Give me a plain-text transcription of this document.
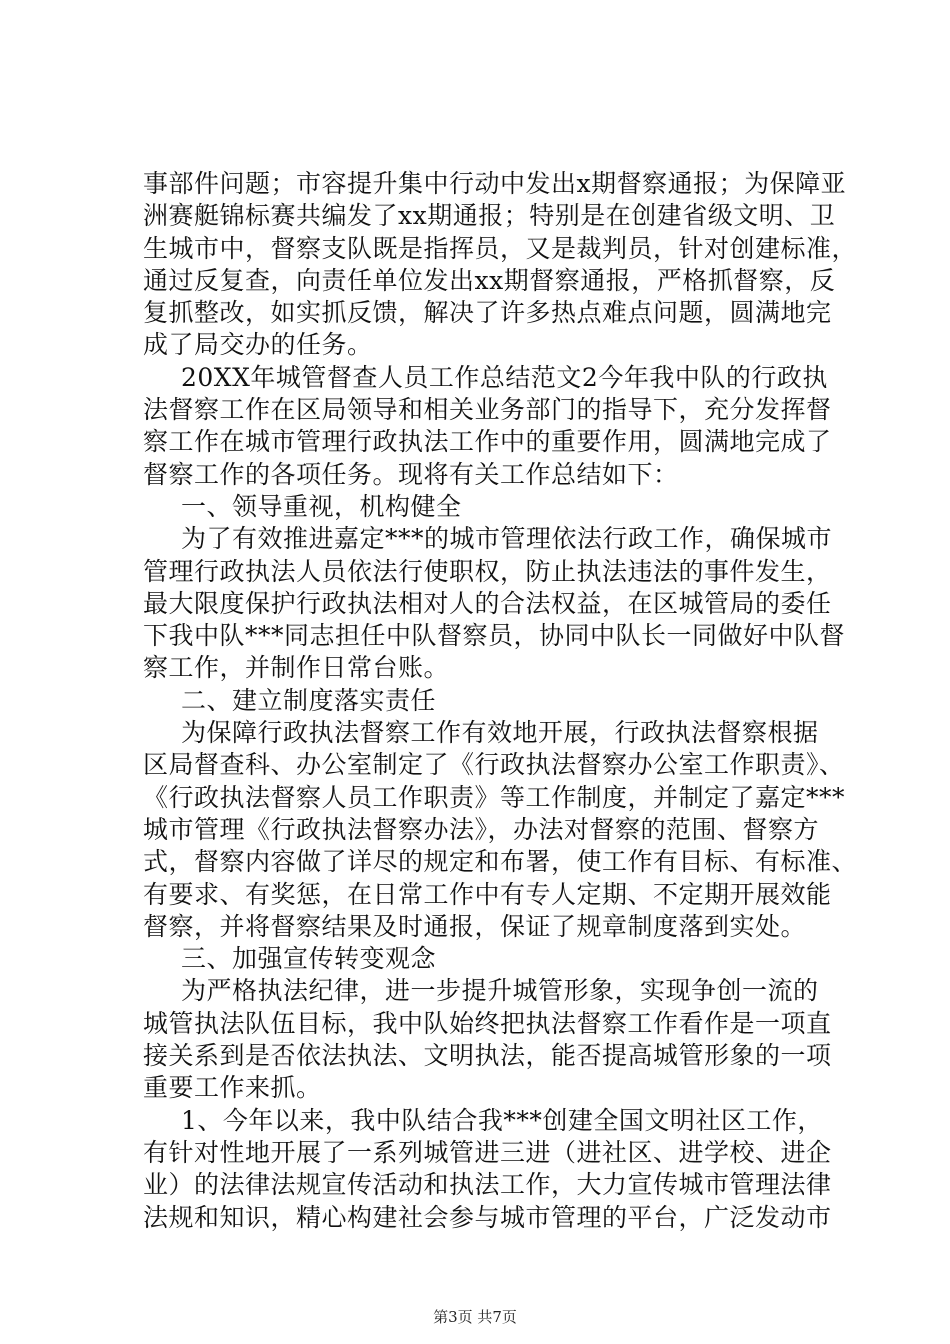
事部件问题；市容提升集中行动中发出x期督察通报；为保障亚
洲赛艇锦标赛共编发了xx期通报；特别是在创建省级文明、卫
生城市中，督察支队既是指挥员，又是裁判员，针对创建标准，
通过反复查，向责任单位发出xx期督察通报，严格抓督察，反
复抓整改，如实抓反馈，解决了许多热点难点问题，圆满地完
成了局交办的任务。
20XX年城管督查人员工作总结范文2今年我中队的行政执
法督察工作在区局领导和相关业务部门的指导下，充分发挥督
察工作在城市管理行政执法工作中的重要作用，圆满地完成了
督察工作的各项任务。现将有关工作总结如下：
一、领导重视，机构健全
为了有效推进嘉定***的城市管理依法行政工作，确保城市
管理行政执法人员依法行使职权，防止执法违法的事件发生，
最大限度保护行政执法相对人的合法权益，在区城管局的委任
下我中队***同志担任中队督察员，协同中队长一同做好中队督
察工作，并制作日常台账。
二、建立制度落实责任
为保障行政执法督察工作有效地开展，行政执法督察根据
区局督查科、办公室制定了《行政执法督察办公室工作职责》、
《行政执法督察人员工作职责》等工作制度，并制定了嘉定***
城市管理《行政执法督察办法》，办法对督察的范围、督察方
式，督察内容做了详尽的规定和布署，使工作有目标、有标准、
有要求、有奖惩，在日常工作中有专人定期、不定期开展效能
督察，并将督察结果及时通报，保证了规章制度落到实处。
三、加强宣传转变观念
为严格执法纪律，进一步提升城管形象，实现争创一流的
城管执法队伍目标，我中队始终把执法督察工作看作是一项直
接关系到是否依法执法、文明执法，能否提高城管形象的一项
重要工作来抓。
1、今年以来，我中队结合我***创建全国文明社区工作，
有针对性地开展了一系列城管进三进（进社区、进学校、进企
业）的法律法规宣传活动和执法工作，大力宣传城市管理法律
法规和知识，精心构建社会参与城市管理的平台，广泛发动市
第3页 共7页
